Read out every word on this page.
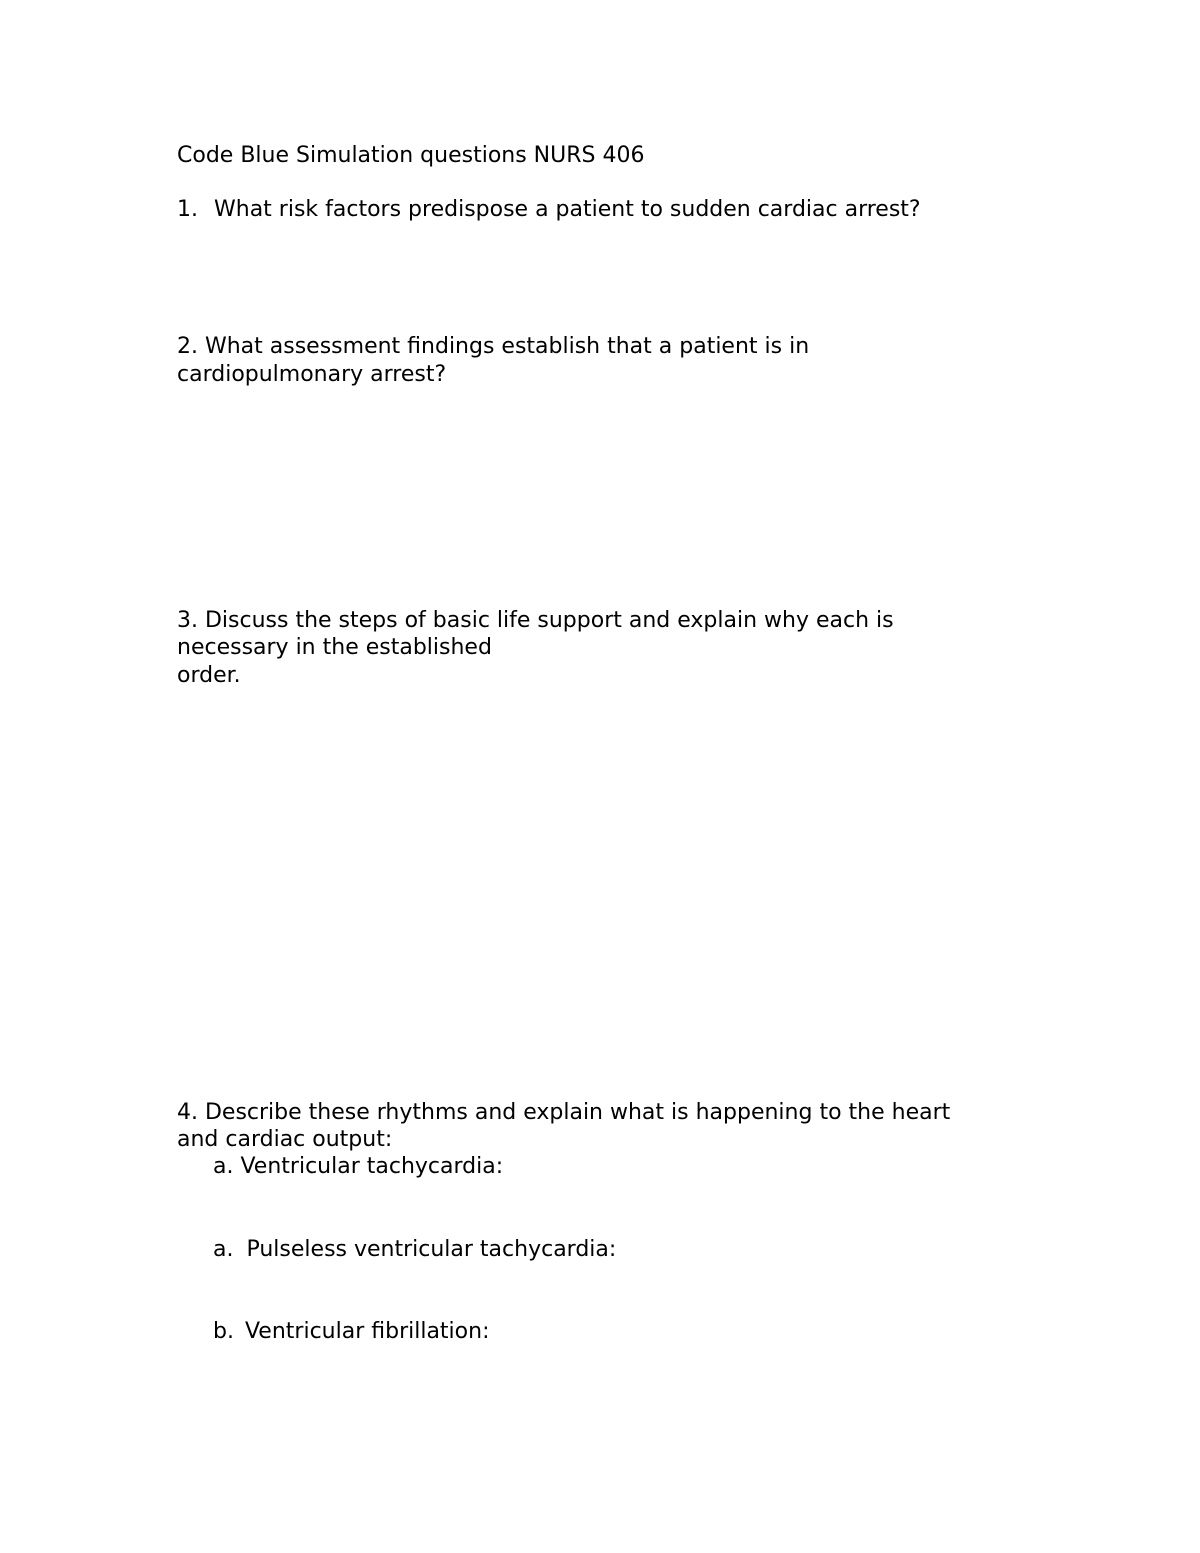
Code Blue Simulation questions NURS 406

1. What risk factors predispose a patient to sudden cardiac arrest?

2. What assessment findings establish that a patient is in

cardiopulmonary arrest?

3. Discuss the steps of basic life support and explain why each is

necessary in the established

order.

4. Describe these rhythms and explain what is happening to the heart

and cardiac output:

a. Ventricular tachycardia:

a. Pulseless ventricular tachycardia:

b. Ventricular fibrillation:
